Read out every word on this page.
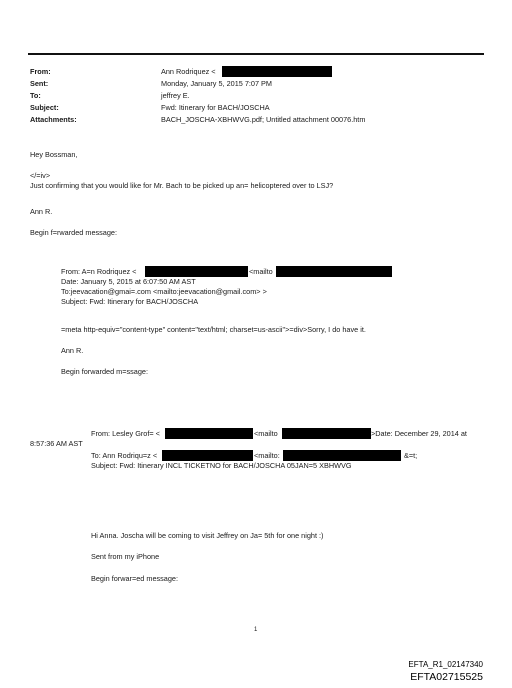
From:	Ann Rodriquez <
Sent:	Monday, January 5, 2015 7:07 PM
To:	jeffrey E.
Subject:	Fwd: Itinerary for BACH/JOSCHA
Attachments:	BACH_JOSCHA-XBHWVG.pdf; Untitled attachment 00076.htm
Hey Bossman,
</=iv>
Just confirming that you would like for Mr. Bach to be picked up an= helicoptered over to LSJ?
Ann R.
Begin f=rwarded message:
From: A=n Rodriquez <	<mailto
Date: January 5, 2015 at 6:07:50 AM AST
To:jeevacation@gmai=.com <mailto:jeevacation@gmail.com> >
Subject: Fwd: Itinerary for BACH/JOSCHA
=meta http-equiv="content-type" content="text/html; charset=us-ascii">=div>Sorry, I do have it.
Ann R.
Begin forwarded m=ssage:
From: Lesley Grof= <	<mailto	>Date: December 29, 2014 at
8:57:36 AM AST
To: Ann Rodriqu=z <	<mailto:	&=t;
Subject: Fwd: Itinerary INCL TICKETNO for BACH/JOSCHA 05JAN=5 XBHWVG
Hi Anna. Joscha will be coming to visit Jeffrey on Ja= 5th for one night :)
Sent from my iPhone
Begin forwar=ed message:
1
EFTA_R1_02147340
EFTA02715525
